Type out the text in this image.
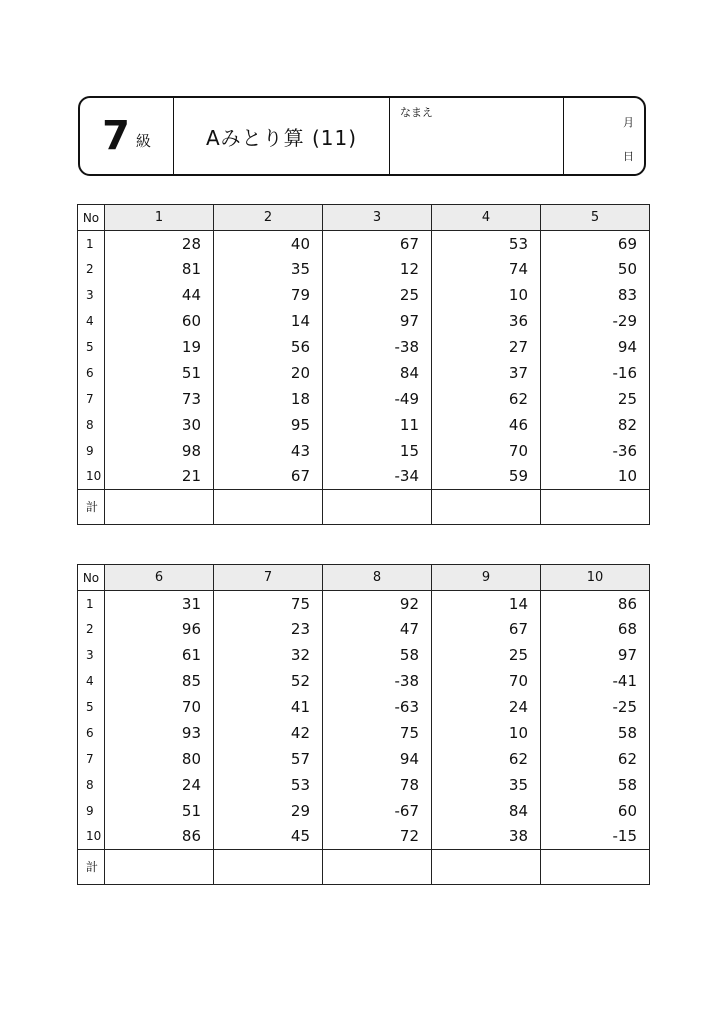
7 級	Aみとり算 (11)
なまえ
月
日
No	1	2	3	4	5
1	28	40	67	53	69
2	81	35	12	74	50
3	44	79	25	10	83
4	60	14	97	36	-29
5	19	56	-38	27	94
6	51	20	84	37	-16
7	73	18	-49	62	25
8	30	95	11	46	82
9	98	43	15	70	-36
10	21	67	-34	59	10
計					
No	6	7	8	9	10
1	31	75	92	14	86
2	96	23	47	67	68
3	61	32	58	25	97
4	85	52	-38	70	-41
5	70	41	-63	24	-25
6	93	42	75	10	58
7	80	57	94	62	62
8	24	53	78	35	58
9	51	29	-67	84	60
10	86	45	72	38	-15
計					
